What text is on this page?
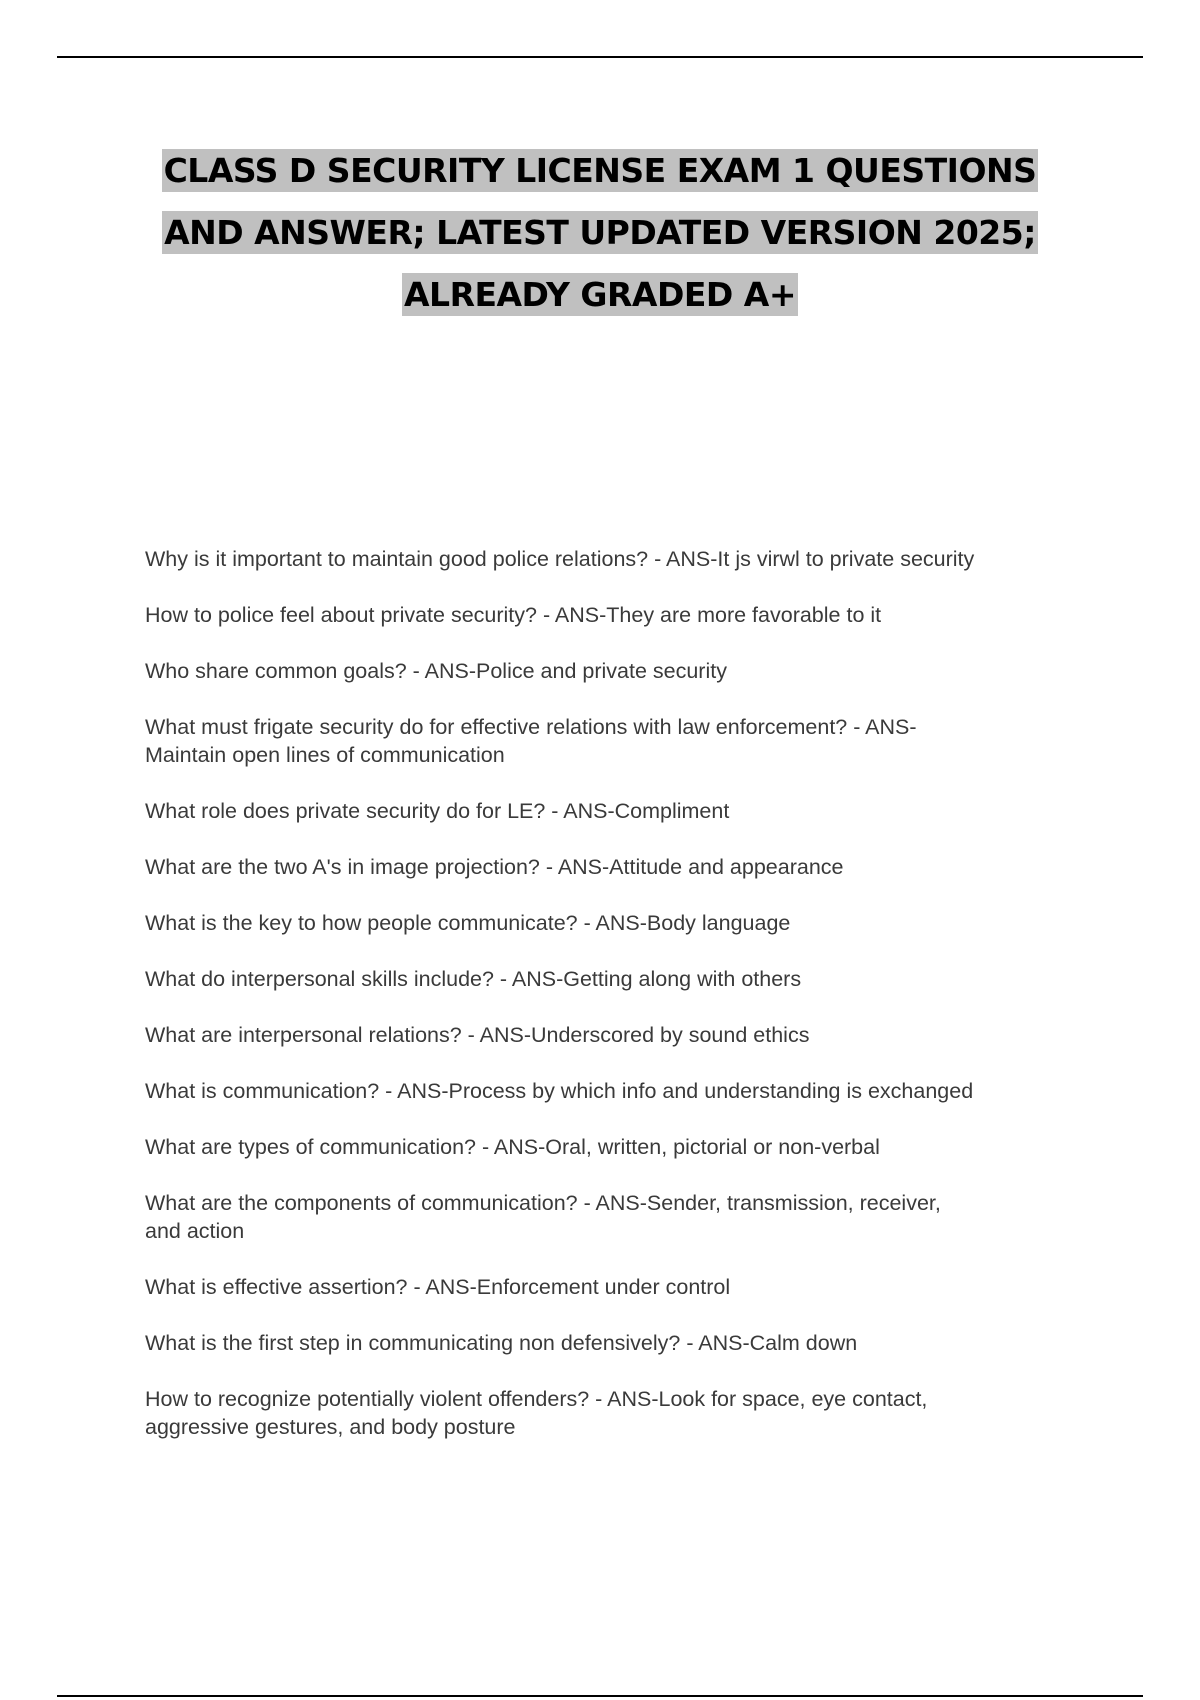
CLASS D SECURITY LICENSE EXAM 1 QUESTIONS
AND ANSWER; LATEST UPDATED VERSION 2025;
ALREADY GRADED A+
Why is it important to maintain good police relations? - ANS-It js virwl to private security
How to police feel about private security? - ANS-They are more favorable to it
Who share common goals? - ANS-Police and private security
What must frigate security do for effective relations with law enforcement? - ANS-
Maintain open lines of communication
What role does private security do for LE? - ANS-Compliment
What are the two A's in image projection? - ANS-Attitude and appearance
What is the key to how people communicate? - ANS-Body language
What do interpersonal skills include? - ANS-Getting along with others
What are interpersonal relations? - ANS-Underscored by sound ethics
What is communication? - ANS-Process by which info and understanding is exchanged
What are types of communication? - ANS-Oral, written, pictorial or non-verbal
What are the components of communication? - ANS-Sender, transmission, receiver,
and action
What is effective assertion? - ANS-Enforcement under control
What is the first step in communicating non defensively? - ANS-Calm down
How to recognize potentially violent offenders? - ANS-Look for space, eye contact,
aggressive gestures, and body posture
